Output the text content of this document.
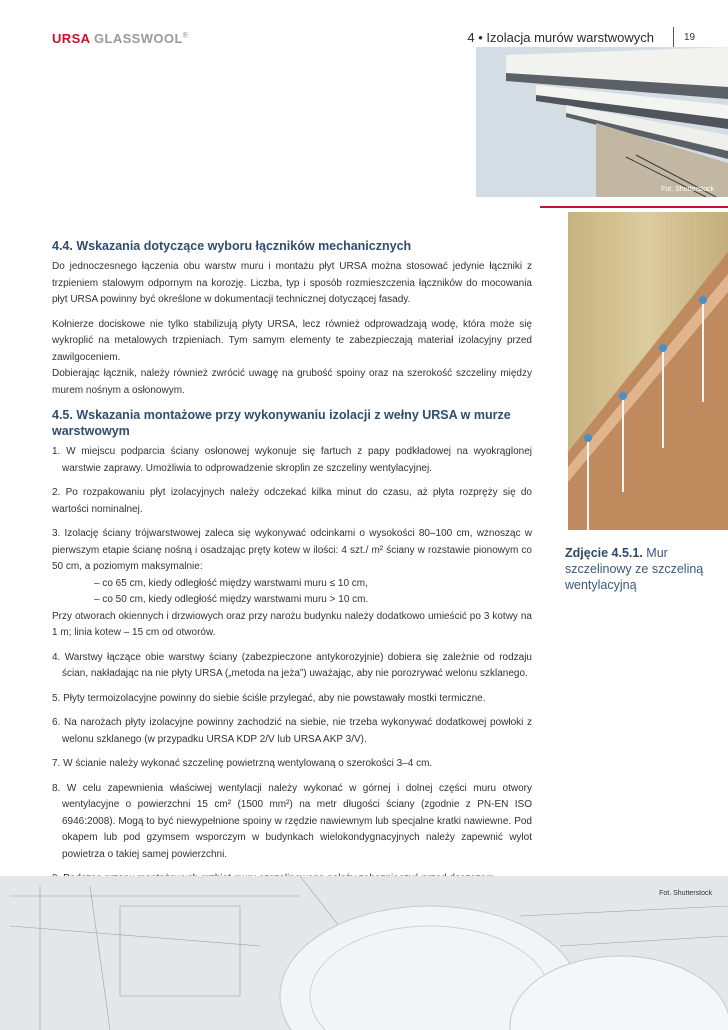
URSA GLASSWOOL®	4 • Izolacja murów warstwowych	19
Fot. Shutterstock
Zdjęcie 4.5.1. Mur szczelinowy ze szczeliną wentylacyjną
4.4. Wskazania dotyczące wyboru łączników mechanicznych

Do jednoczesnego łączenia obu warstw muru i montażu płyt URSA można stosować jedynie łączniki z trzpieniem stalowym odpornym na korozję. Liczba, typ i sposób rozmieszczenia łączników do mocowania płyt URSA powinny być określone w dokumentacji technicznej dotyczącej fasady.

Kołnierze dociskowe nie tylko stabilizują płyty URSA, lecz również odprowadzają wodę, która może się wykroplić na metalowych trzpieniach. Tym samym elementy te zabezpieczają materiał izolacyjny przed zawilgoceniem.

Dobierając łącznik, należy również zwrócić uwagę na grubość spoiny oraz na szerokość szczeliny między murem nośnym a osłonowym.

4.5. Wskazania montażowe przy wykonywaniu izolacji z wełny URSA w murze warstwowym

1. W miejscu podparcia ściany osłonowej wykonuje się fartuch z papy podkładowej na wyokrąglonej warstwie zaprawy. Umożliwia to odprowadzenie skroplin ze szczeliny wentylacyjnej.

2. Po rozpakowaniu płyt izolacyjnych należy odczekać kilka minut do czasu, aż płyta rozpręży się do wartości nominalnej.

3. Izolację ściany trójwarstwowej zaleca się wykonywać odcinkami o wysokości 80–100 cm, wznosząc w pierwszym etapie ścianę nośną i osadzając pręty kotew w ilości: 4 szt./ m² ściany w rozstawie pionowym co 50 cm, a poziomym maksymalnie:

– co 65 cm, kiedy odległość między warstwami muru ≤ 10 cm,

– co 50 cm, kiedy odległość między warstwami muru > 10 cm.

Przy otworach okiennych i drzwiowych oraz przy narożu budynku należy dodatkowo umieścić po 3 kotwy na 1 m; linia kotew – 15 cm od otworów.

4. Warstwy łączące obie warstwy ściany (zabezpieczone antykorozyjnie) dobiera się zależnie od rodzaju ścian, nakładając na nie płyty URSA („metoda na jeża”) uważając, aby nie porozrywać welonu szklanego.

5. Płyty termoizolacyjne powinny do siebie ściśle przylegać, aby nie powstawały mostki termiczne.

6. Na narożach płyty izolacyjne powinny zachodzić na siebie, nie trzeba wykonywać dodatkowej powłoki z welonu szklanego (w przypadku URSA KDP 2/V lub URSA AKP 3/V).

7. W ścianie należy wykonać szczelinę powietrzną wentylowaną o szerokości 3–4 cm.

8. W celu zapewnienia właściwej wentylacji należy wykonać w górnej i dolnej części muru otwory wentylacyjne o powierzchni 15 cm² (1500 mm²) na metr długości ściany (zgodnie z PN-EN ISO 6946:2008). Mogą to być niewypełnione spoiny w rzędzie nawiewnym lub specjalne kratki nawiewne. Pod okapem lub pod gzymsem wsporczym w budynkach wielokondygnacyjnych należy zapewnić wylot powietrza o takiej samej powierzchni.

Fot. Shutterstock
